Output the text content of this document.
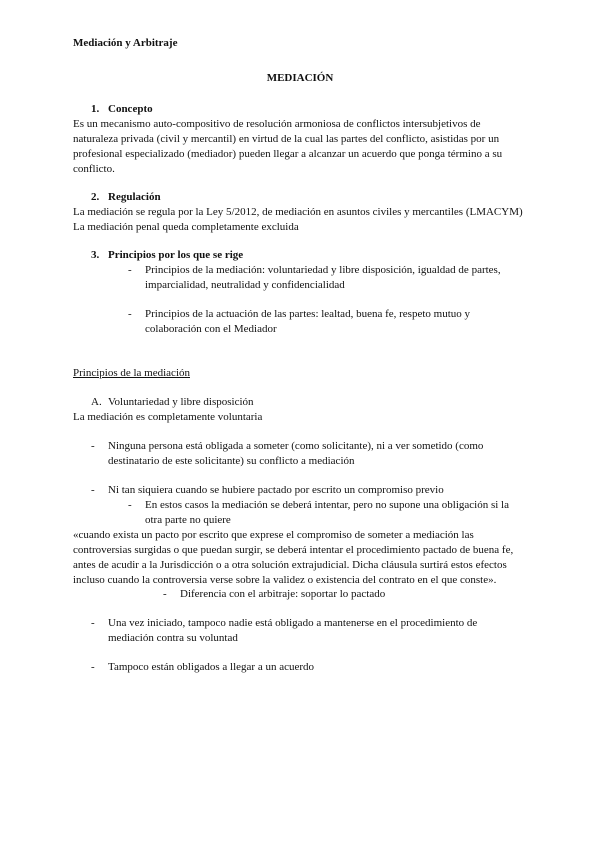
Mediación y Arbitraje
MEDIACIÓN
1. Concepto
Es un mecanismo auto-compositivo de resolución armoniosa de conflictos intersubjetivos de
naturaleza privada (civil y mercantil) en virtud de la cual las partes del conflicto, asistidas por un
profesional especializado (mediador) pueden llegar a alcanzar un acuerdo que ponga término a su
conflicto.
2. Regulación
La mediación se regula por la Ley 5/2012, de mediación en asuntos civiles y mercantiles (LMACYM)
La mediación penal queda completamente excluida
3. Principios por los que se rige
- Principios de la mediación: voluntariedad y libre disposición, igualdad de partes,
imparcialidad, neutralidad y confidencialidad
- Principios de la actuación de las partes: lealtad, buena fe, respeto mutuo y
colaboración con el Mediador
Principios de la mediación
A. Voluntariedad y libre disposición
La mediación es completamente voluntaria
- Ninguna persona está obligada a someter (como solicitante), ni a ver sometido (como
destinatario de este solicitante) su conflicto a mediación
- Ni tan siquiera cuando se hubiere pactado por escrito un compromiso previo
- En estos casos la mediación se deberá intentar, pero no supone una obligación si la
otra parte no quiere
«cuando exista un pacto por escrito que exprese el compromiso de someter a mediación las
controversias surgidas o que puedan surgir, se deberá intentar el procedimiento pactado de buena fe,
antes de acudir a la Jurisdicción o a otra solución extrajudicial. Dicha cláusula surtirá estos efectos
incluso cuando la controversia verse sobre la validez o existencia del contrato en el que conste».
- Diferencia con el arbitraje: soportar lo pactado
- Una vez iniciado, tampoco nadie está obligado a mantenerse en el procedimiento de
mediación contra su voluntad
- Tampoco están obligados a llegar a un acuerdo
